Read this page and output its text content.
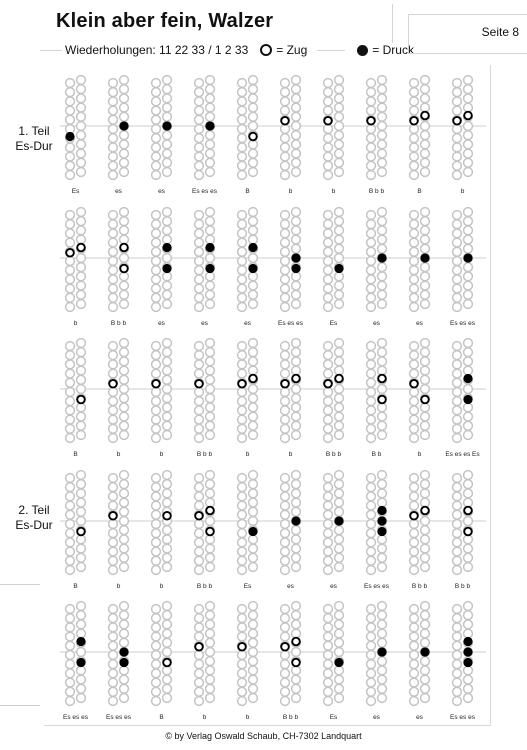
Klein aber fein, Walzer
Wiederholungen: 11 22 33 / 1 2 33 = Zug	= Druck
Seite 8
1. Teil
Es-Dur
2. Teil
Es-Dur
Es	es	es	Es es es	B	b	b	B b b	B	b
b	B b b	es	es	es	Es es es	Es	es	es	Es es es
B	b	b	B b b	b	b	B b b	B b	b	Es es es Es
B	b	b	B b b	Es	es	es	Es es es	B b b	B b b
Es es es	Es es es	B	b	b	B b b	Es	es	es	Es es es
© by Verlag Oswald Schaub, CH-7302 Landquart
